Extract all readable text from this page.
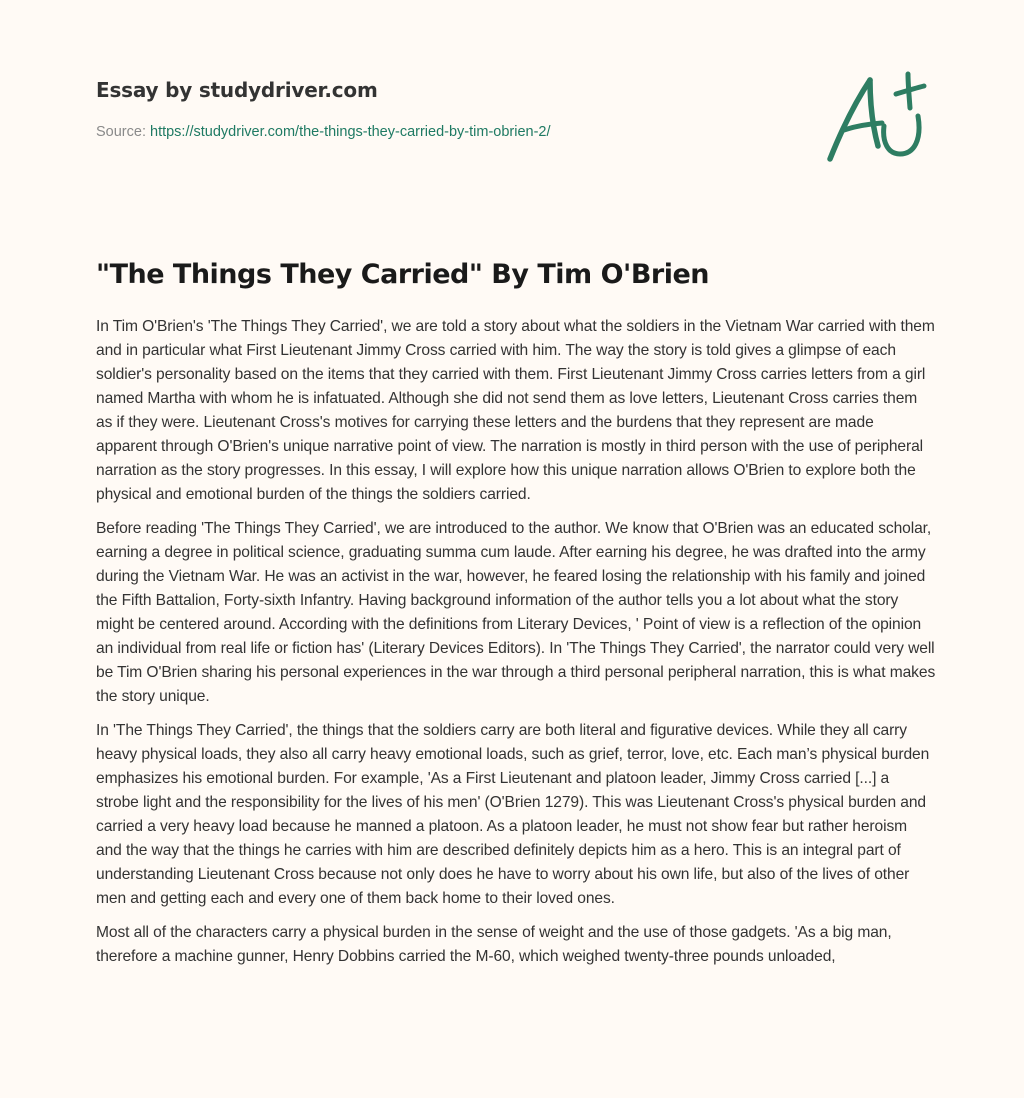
Essay by studydriver.com
Source: https://studydriver.com/the-things-they-carried-by-tim-obrien-2/
"The Things They Carried" By Tim O'Brien

In Tim O'Brien's 'The Things They Carried', we are told a story about what the soldiers in the Vietnam War carried with them and in particular what First Lieutenant Jimmy Cross carried with him. The way the story is told gives a glimpse of each soldier's personality based on the items that they carried with them. First Lieutenant Jimmy Cross carries letters from a girl named Martha with whom he is infatuated. Although she did not send them as love letters, Lieutenant Cross carries them as if they were. Lieutenant Cross's motives for carrying these letters and the burdens that they represent are made apparent through O'Brien's unique narrative point of view. The narration is mostly in third person with the use of peripheral narration as the story progresses. In this essay, I will explore how this unique narration allows O'Brien to explore both the physical and emotional burden of the things the soldiers carried.

Before reading 'The Things They Carried', we are introduced to the author. We know that O'Brien was an educated scholar, earning a degree in political science, graduating summa cum laude. After earning his degree, he was drafted into the army during the Vietnam War. He was an activist in the war, however, he feared losing the relationship with his family and joined the Fifth Battalion, Forty-sixth Infantry. Having background information of the author tells you a lot about what the story might be centered around. According with the definitions from Literary Devices, ' Point of view is a reflection of the opinion an individual from real life or fiction has' (Literary Devices Editors). In 'The Things They Carried', the narrator could very well be Tim O'Brien sharing his personal experiences in the war through a third personal peripheral narration, this is what makes the story unique.

In 'The Things They Carried', the things that the soldiers carry are both literal and figurative devices. While they all carry heavy physical loads, they also all carry heavy emotional loads, such as grief, terror, love, etc. Each man’s physical burden emphasizes his emotional burden. For example, 'As a First Lieutenant and platoon leader, Jimmy Cross carried [...] a strobe light and the responsibility for the lives of his men' (O'Brien 1279). This was Lieutenant Cross's physical burden and carried a very heavy load because he manned a platoon. As a platoon leader, he must not show fear but rather heroism and the way that the things he carries with him are described definitely depicts him as a hero. This is an integral part of understanding Lieutenant Cross because not only does he have to worry about his own life, but also of the lives of other men and getting each and every one of them back home to their loved ones.

Most all of the characters carry a physical burden in the sense of weight and the use of those gadgets. 'As a big man, therefore a machine gunner, Henry Dobbins carried the M-60, which weighed twenty-three pounds unloaded,
